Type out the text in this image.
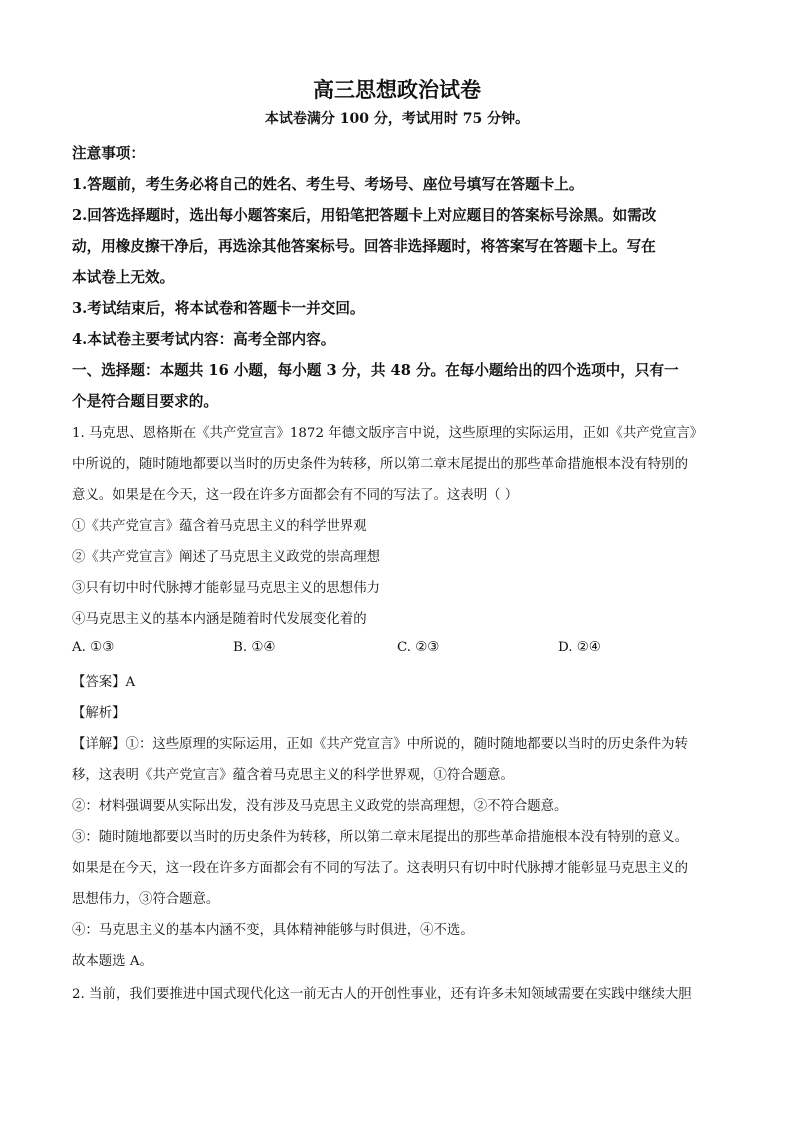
高三思想政治试卷
本试卷满分 100 分，考试用时 75 分钟。
注意事项：
1.答题前，考生务必将自己的姓名、考生号、考场号、座位号填写在答题卡上。
2.回答选择题时，选出每小题答案后，用铅笔把答题卡上对应题目的答案标号涂黑。如需改
动，用橡皮擦干净后，再选涂其他答案标号。回答非选择题时，将答案写在答题卡上。写在
本试卷上无效。
3.考试结束后，将本试卷和答题卡一并交回。
4.本试卷主要考试内容：高考全部内容。
一、选择题：本题共 16 小题，每小题 3 分，共 48 分。在每小题给出的四个选项中，只有一
个是符合题目要求的。
1. 马克思、恩格斯在《共产党宣言》1872 年德文版序言中说，这些原理的实际运用，正如《共产党宣言》
中所说的，随时随地都要以当时的历史条件为转移，所以第二章末尾提出的那些革命措施根本没有特别的
意义。如果是在今天，这一段在许多方面都会有不同的写法了。这表明（ ）
①《共产党宣言》蕴含着马克思主义的科学世界观
②《共产党宣言》阐述了马克思主义政党的崇高理想
③只有切中时代脉搏才能彰显马克思主义的思想伟力
④马克思主义的基本内涵是随着时代发展变化着的
A. ①③	B. ①④	C. ②③	D. ②④
【答案】A
【解析】
【详解】①：这些原理的实际运用，正如《共产党宣言》中所说的，随时随地都要以当时的历史条件为转
移，这表明《共产党宣言》蕴含着马克思主义的科学世界观，①符合题意。
②：材料强调要从实际出发，没有涉及马克思主义政党的崇高理想，②不符合题意。
③：随时随地都要以当时的历史条件为转移，所以第二章末尾提出的那些革命措施根本没有特别的意义。
如果是在今天，这一段在许多方面都会有不同的写法了。这表明只有切中时代脉搏才能彰显马克思主义的
思想伟力，③符合题意。
④：马克思主义的基本内涵不变，具体精神能够与时俱进，④不选。
故本题选 A。
2. 当前，我们要推进中国式现代化这一前无古人的开创性事业，还有许多未知领域需要在实践中继续大胆
